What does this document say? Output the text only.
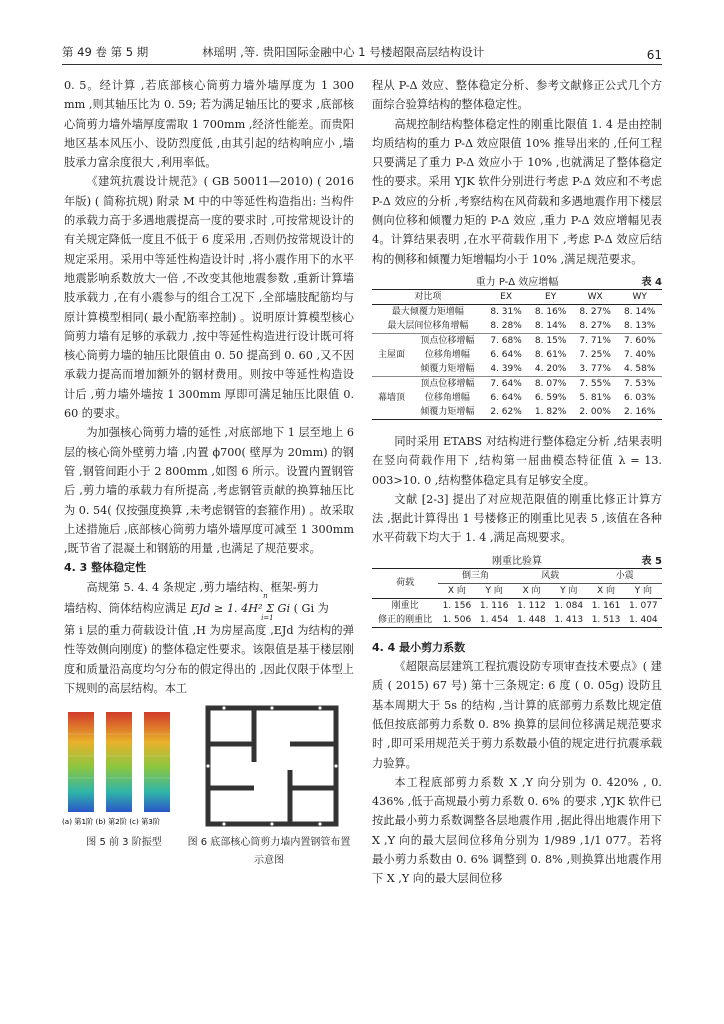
第 49 卷 第 5 期	林瑶明 ,等. 贵阳国际金融中心 1 号楼超限高层结构设计	61

0. 5。经计算 ,若底部核心筒剪力墙外墙厚度为 1 300 mm ,则其轴压比为 0. 59; 若为满足轴压比的要求 ,底部核心筒剪力墙外墙厚度需取 1 700mm ,经济性能差。而贵阳地区基本风压小、设防烈度低 ,由其引起的结构响应小 ,墙肢承力富余度很大 ,利用率低。

《建筑抗震设计规范》( GB 50011—2010) ( 2016 年版) ( 简称抗规) 附录 M 中的中等延性构造指出: 当构件的承载力高于多遇地震提高一度的要求时 ,可按常规设计的有关规定降低一度且不低于 6 度采用 ,否则仍按常规设计的规定采用。采用中等延性构造设计时 ,将小震作用下的水平地震影响系数放大一倍 ,不改变其他地震参数 ,重新计算墙肢承载力 ,在有小震参与的组合工况下 ,全部墙肢配筋均与原计算模型相同( 最小配筋率控制) 。说明原计算模型核心筒剪力墙有足够的承载力 ,按中等延性构造进行设计既可将核心筒剪力墙的轴压比限值由 0. 50 提高到 0. 60 ,又不因承载力提高而增加额外的钢材费用。则按中等延性构造设计后 ,剪力墙外墙按 1 300mm 厚即可满足轴压比限值 0. 60 的要求。

为加强核心筒剪力墙的延性 ,对底部地下 1 层至地上 6 层的核心筒外壁剪力墙 ,内置 ϕ700( 壁厚为 20mm) 的钢管 ,钢管间距小于 2 800mm ,如图 6 所示。设置内置钢管后 ,剪力墙的承载力有所提高 ,考虑钢管贡献的换算轴压比为 0. 54( 仅按强度换算 ,未考虑钢管的套箍作用) 。故采取上述措施后 ,底部核心筒剪力墙外墙厚度可减至 1 300mm ,既节省了混凝土和钢筋的用量 ,也满足了规范要求。

4. 3 整体稳定性

高规第 5. 4. 4 条规定 ,剪力墙结构、框架-剪力

墙结构、筒体结构应满足 EJd ≥ 1. 4H² Σ Gi
n
i=1
( Gi 为

第 i 层的重力荷载设计值 ,H 为房屋高度 ,EJd 为结构的弹性等效侧向刚度) 的整体稳定性要求。该限值是基于楼层刚度和质量沿高度均匀分布的假定得出的 ,因此仅限于体型上下规则的高层结构。本工

(a) 第1阶 (b) 第2阶 (c) 第3阶
图 5 前 3 阶振型	图 6 底部核心筒剪力墙内置钢管布置示意图

程从 P-Δ 效应、整体稳定分析、参考文献修正公式几个方面综合验算结构的整体稳定性。

高规控制结构整体稳定性的刚重比限值 1. 4 是由控制均质结构的重力 P-Δ 效应限值 10% 推导出来的 ,任何工程只要满足了重力 P-Δ 效应小于 10% ,也就满足了整体稳定性的要求。采用 YJK 软件分别进行考虑 P-Δ 效应和不考虑 P-Δ 效应的分析 ,考察结构在风荷载和多遇地震作用下楼层侧向位移和倾覆力矩的 P-Δ 效应 ,重力 P-Δ 效应增幅见表 4。计算结果表明 ,在水平荷载作用下 ,考虑 P-Δ 效应后结构的侧移和倾覆力矩增幅均小于 10% ,满足规范要求。

重力 P-Δ 效应增幅	表 4
对比项		EX	EY	WX	WY
最大倾覆力矩增幅		8. 31%	8. 16%	8. 27%	8. 14%
最大层间位移角增幅		8. 28%	8. 14%	8. 27%	8. 13%
主屋面	顶点位移增幅	7. 68%	8. 15%	7. 71%	7. 60%
	位移角增幅	6. 64%	8. 61%	7. 25%	7. 40%
	倾覆力矩增幅	4. 39%	4. 20%	3. 77%	4. 58%
幕墙顶	顶点位移增幅	7. 64%	8. 07%	7. 55%	7. 53%
	位移角增幅	6. 64%	6. 59%	5. 81%	6. 03%
	倾覆力矩增幅	2. 62%	1. 82%	2. 00%	2. 16%

同时采用 ETABS 对结构进行整体稳定分析 ,结果表明在竖向荷载作用下 ,结构第一屈曲模态特征值 λ = 13. 003>10. 0 ,结构整体稳定具有足够安全度。

文献 [2-3] 提出了对应规范限值的刚重比修正计算方法 ,据此计算得出 1 号楼修正的刚重比见表 5 ,该值在各种水平荷载下均大于 1. 4 ,满足高规要求。

刚重比验算	表 5
荷载	倒三角		风载		小震	
	X 向	Y 向	X 向	Y 向	X 向	Y 向
刚重比	1. 156	1. 116	1. 112	1. 084	1. 161	1. 077
修正的刚重比	1. 506	1. 454	1. 448	1. 413	1. 513	1. 404

4. 4 最小剪力系数

《超限高层建筑工程抗震设防专项审查技术要点》( 建质 ( 2015) 67 号) 第十三条规定: 6 度 ( 0. 05g) 设防且基本周期大于 5s 的结构 ,当计算的底部剪力系数比规定值低但按底部剪力系数 0. 8% 换算的层间位移满足规范要求时 ,即可采用规范关于剪力系数最小值的规定进行抗震承载力验算。

本工程底部剪力系数 X ,Y 向分别为 0. 420% , 0. 436% ,低于高规最小剪力系数 0. 6% 的要求 ,YJK 软件已按此最小剪力系数调整各层地震作用 ,据此得出地震作用下 X ,Y 向的最大层间位移角分别为 1/989 ,1/1 077。若将最小剪力系数由 0. 6% 调整到 0. 8% ,则换算出地震作用下 X ,Y 向的最大层间位移
